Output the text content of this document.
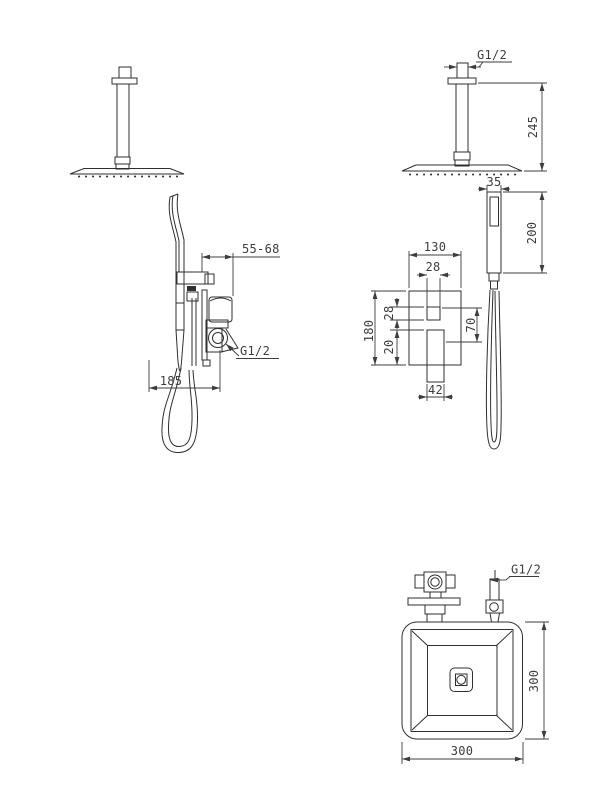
55-68
G1/2
185
G1/2
245
35
200
130
28
180
28
20
70
42
G1/2
300
300
